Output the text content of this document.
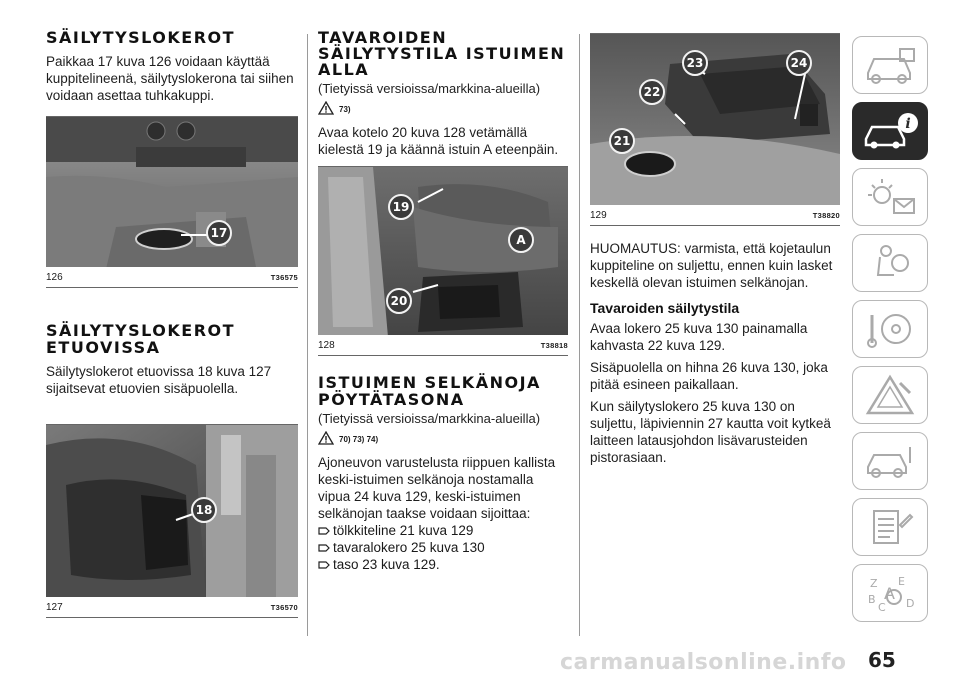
SÄILYTYSLOKEROT
Paikkaa 17 kuva 126 voidaan käyttää kuppitelineenä, säilytyslokerona tai siihen voidaan asettaa tuhkakuppi.
17
126	T36575
SÄILYTYSLOKEROT ETUOVISSA
Säilytyslokerot etuovissa 18 kuva 127 sijaitsevat etuovien sisäpuolella.
18
127	T36570
TAVAROIDEN SÄILYTYSTILA ISTUIMEN ALLA
(Tietyissä versioissa/markkina-alueilla)
73)
Avaa kotelo 20 kuva 128 vetämällä kielestä 19 ja käännä istuin A eteenpäin.
19
A
20
128	T38818
ISTUIMEN SELKÄNOJA PÖYTÄTASONA
(Tietyissä versioissa/markkina-alueilla)
70) 73) 74)
Ajoneuvon varustelusta riippuen kallista keski-istuimen selkänoja nostamalla vipua 24 kuva 129, keski-istuimen selkänojan taakse voidaan sijoittaa:
tölkkiteline 21 kuva 129
tavaralokero 25 kuva 130
taso 23 kuva 129.
23	24
22
21
129	T38820
HUOMAUTUS: varmista, että kojetaulun kuppiteline on suljettu, ennen kuin lasket keskellä olevan istuimen selkänojan.
Tavaroiden säilytystila
Avaa lokero 25 kuva 130 painamalla kahvasta 22 kuva 129.
Sisäpuolella on hihna 26 kuva 130, joka pitää esineen paikallaan.
Kun säilytyslokero 25 kuva 130 on suljettu, läpiviennin 27 kautta voit kytkeä laitteen latausjohdon lisävarusteiden pistorasiaan.
i
Z E
B
C D
A
carmanualsonline.info 65
